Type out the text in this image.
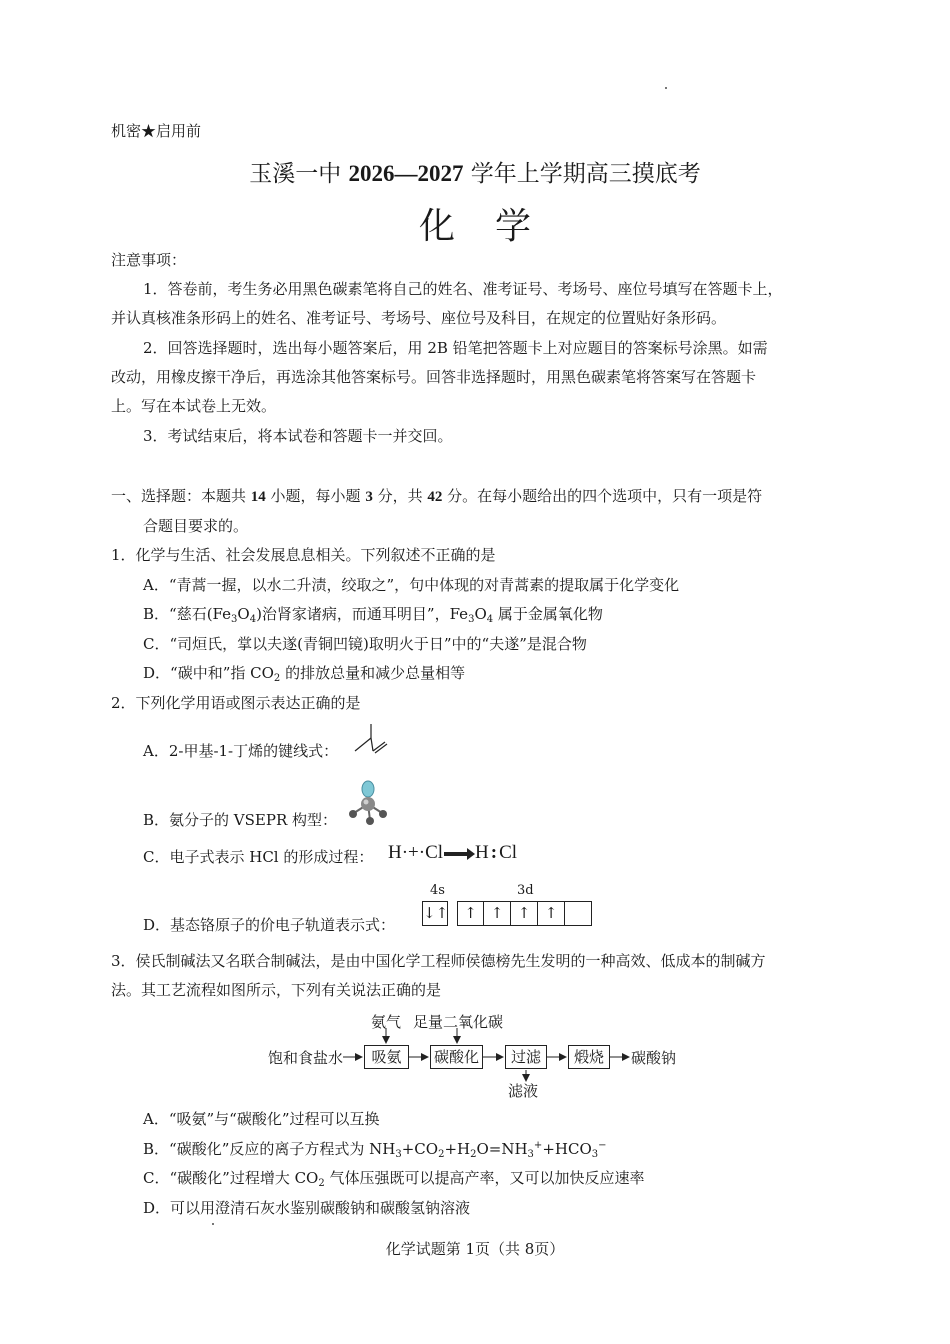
机密★启用前
玉溪一中 2026—2027 学年上学期高三摸底考
化学
注意事项：
1．答卷前，考生务必用黑色碳素笔将自己的姓名、准考证号、考场号、座位号填写在答题卡上，
并认真核准条形码上的姓名、准考证号、考场号、座位号及科目，在规定的位置贴好条形码。
2．回答选择题时，选出每小题答案后，用 2B 铅笔把答题卡上对应题目的答案标号涂黑。如需
改动，用橡皮擦干净后，再选涂其他答案标号。回答非选择题时，用黑色碳素笔将答案写在答题卡
上。写在本试卷上无效。
3．考试结束后，将本试卷和答题卡一并交回。
一、选择题：本题共 14 小题，每小题 3 分，共 42 分。在每小题给出的四个选项中，只有一项是符
合题目要求的。
1．化学与生活、社会发展息息相关。下列叙述不正确的是
A．“青蒿一握，以水二升渍，绞取之”，句中体现的对青蒿素的提取属于化学变化
B．“慈石$(Fe_3O_4)$治肾家诸病，而通耳明目”，$Fe_3O_4$ 属于金属氧化物
C．“司烜氏，掌以夫遂(青铜凹镜)取明火于日”中的“夫遂”是混合物
D．“碳中和”指 $CO_2$ 的排放总量和减少总量相等
2．下列化学用语或图示表达正确的是
A．2-甲基-1-丁烯的键线式：
B．氨分子的 VSEPR 构型：
C．电子式表示 HCl 的形成过程： H·+·Cl H : Cl
D．基态铬原子的价电子轨道表示式：
4s	3d
↓↑	↑ ↑ ↑ ↑
3．侯氏制碱法又名联合制碱法，是由中国化学工程师侯德榜先生发明的一种高效、低成本的制碱方
法。其工艺流程如图所示，下列有关说法正确的是
氨气 足量二氧化碳
饱和食盐水	吸氨	碳酸化	过滤	煅烧	碳酸钠
滤液
A．“吸氨”与“碳酸化”过程可以互换
B．“碳酸化”反应的离子方程式为 $NH_3+CO_2+H_2O=NH_3^++HCO_3^-$
C．“碳酸化”过程增大 $CO_2$ 气体压强既可以提高产率，又可以加快反应速率
D．可以用澄清石灰水鉴别碳酸钠和碳酸氢钠溶液
化学试题第 1页（共 8页）
